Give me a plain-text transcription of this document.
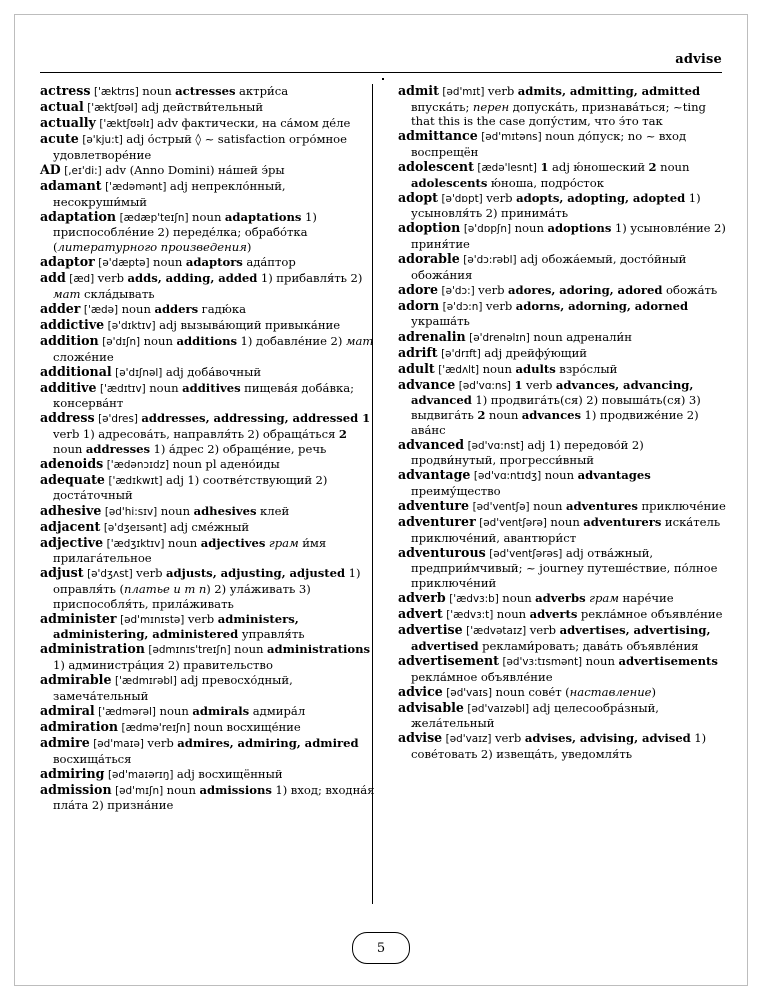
advise

actress ['æktrɪs] noun actresses актри́са

actual ['æktʃʊəl] adj действи́тельный

actually ['æktʃʊəlɪ] adv фактически, на са́мом де́ле

acute [ə'kju:t] adj о́стрый ◊ ~ satisfaction огро́мное удовлетворе́ние

AD [,eɪ'di:] adv (Anno Domini) на́шей э́ры

adamant ['ædəmənt] adj непрекло́нный, несокруши́мый

adaptation [ædæp'teɪʃn] noun adaptations 1) приспособле́ние 2) переде́лка; обрабо́тка (литературного произведения)

adaptor [ə'dæptə] noun adaptors ада́птор

add [æd] verb adds, adding, added 1) прибавля́ть 2) мат скла́дывать

adder ['ædə] noun adders гадю́ка

addictive [ə'dɪktɪv] adj вызыва́ющий привыка́ние

addition [ə'dɪʃn] noun additions 1) добавле́ние 2) мат сложе́ние

additional [ə'dɪʃnəl] adj доба́вочный

additive ['ædɪtɪv] noun additives пищева́я доба́вка; консерва́нт

address [ə'dres] addresses, addressing, addressed 1 verb 1) адресова́ть, направля́ть 2) обраща́ться 2 noun addresses 1) а́дрес 2) обраще́ние, речь

adenoids ['ædənɔɪdz] noun pl адено́иды

adequate ['ædɪkwɪt] adj 1) соотве́тствующий 2) доста́точный

adhesive [əd'hi:sɪv] noun adhesives клей

adjacent [ə'dʒeɪsənt] adj сме́жный

adjective ['ædʒɪktɪv] noun adjectives грам и́мя прилага́тельное

adjust [ə'dʒʌst] verb adjusts, adjusting, adjusted 1) оправля́ть (платье и т п) 2) ула́живать 3) приспособля́ть, прила́живать

administer [əd'mɪnɪstə] verb administers, administering, administered управля́ть

administration [ədmɪnɪs'treɪʃn] noun administrations 1) администра́ция 2) правительство

admirable ['ædmɪrəbl] adj превосхо́дный, замеча́тельный

admiral ['ædmərəl] noun admirals адмира́л

admiration [ædmə'reɪʃn] noun восхище́ние

admire [əd'maɪə] verb admires, admiring, admired восхища́ться

admiring [əd'maɪərɪŋ] adj восхищённый

admission [əd'mɪʃn] noun admissions 1) вход; входна́я пла́та 2) призна́ние

admit [əd'mɪt] verb admits, admitting, admitted впуска́ть; перен допуска́ть, признава́ться; ~ting that this is the case допу́стим, что э́то так

admittance [əd'mɪtəns] noun до́пуск; no ~ вход воспрещён

adolescent [ædə'lesnt] 1 adj ю́ношеский 2 noun adolescents ю́ноша, подро́сток

adopt [ə'dɒpt] verb adopts, adopting, adopted 1) усыновля́ть 2) принима́ть

adoption [ə'dɒpʃn] noun adoptions 1) усыновле́ние 2) приня́тие

adorable [ə'dɔ:rəbl] adj обожа́емый, досто́йный обожа́ния

adore [ə'dɔ:] verb adores, adoring, adored обожа́ть

adorn [ə'dɔ:n] verb adorns, adorning, adorned украша́ть

adrenalin [ə'drenəlɪn] noun адренали́н

adrift [ə'drɪft] adj дрейфу́ющий

adult ['ædʌlt] noun adults взро́слый

advance [əd'vɑ:ns] 1 verb advances, advancing, advanced 1) продвига́ть(ся) 2) повыша́ть(ся) 3) выдвига́ть 2 noun advances 1) продвиже́ние 2) ава́нс

advanced [əd'vɑ:nst] adj 1) передово́й 2) продви́нутый, прогресси́вный

advantage [əd'vɑ:ntɪdʒ] noun advantages преиму́щество

adventure [əd'ventʃə] noun adventures приключе́ние

adventurer [əd'ventʃərə] noun adventurers иска́тель приключе́ний, авантюри́ст

adventurous [əd'ventʃərəs] adj отва́жный, предприи́мчивый; ~ journey путеше́ствие, по́лное приключе́ний

adverb ['ædvɜ:b] noun adverbs грам наре́чие

advert ['ædvɜ:t] noun adverts рекла́мное объявле́ние

advertise ['ædvətaɪz] verb advertises, advertising, advertised реклами́ровать; дава́ть объявле́ния

advertisement [əd'vɜ:tɪsmənt] noun advertisements рекла́мное объявле́ние

advice [əd'vaɪs] noun сове́т (наставление)

advisable [əd'vaɪzəbl] adj целесообра́зный, жела́тельный

advise [əd'vaɪz] verb advises, advising, advised 1) сове́товать 2) извеща́ть, уведомля́ть

5
